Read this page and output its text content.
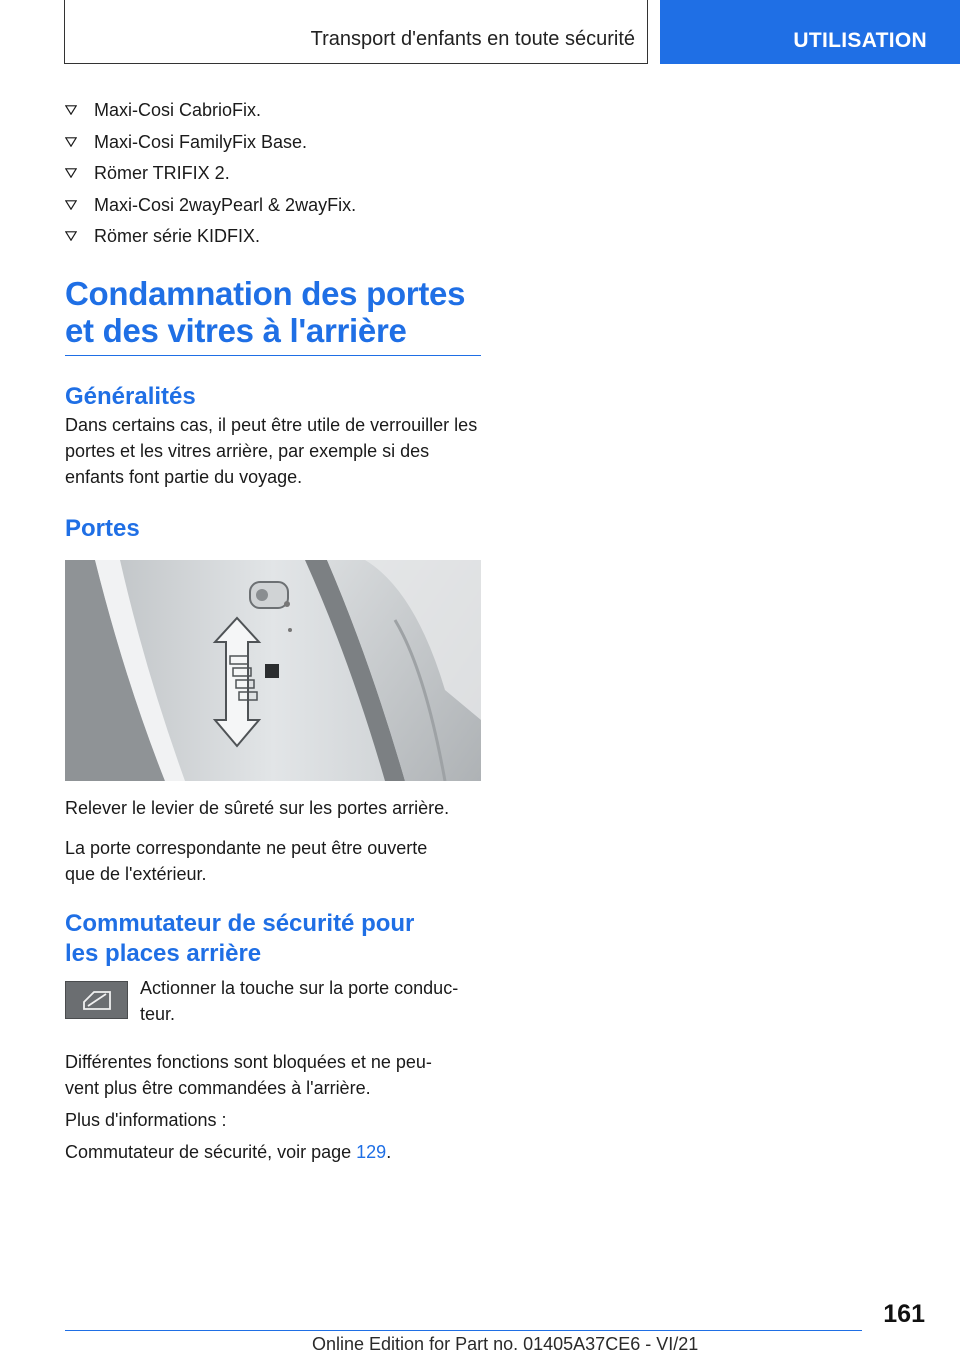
Transport d'enfants en toute sécurité	UTILISATION
Maxi-Cosi CabrioFix.
Maxi-Cosi FamilyFix Base.
Römer TRIFIX 2.
Maxi-Cosi 2wayPearl & 2wayFix.
Römer série KIDFIX.
Condamnation des portes
et des vitres à l'arrière
Généralités

Dans certains cas, il peut être utile de verrouiller les portes et les vitres arrière, par exemple si des enfants font partie du voyage.

Portes

Relever le levier de sûreté sur les portes arrière.

La porte correspondante ne peut être ouverte
que de l'extérieur.

Commutateur de sécurité pour
les places arrière

Actionner la touche sur la porte conduc-
teur.

Différentes fonctions sont bloquées et ne peu-
vent plus être commandées à l'arrière.

Plus d'informations :

Commutateur de sécurité, voir page 129.

161
Online Edition for Part no. 01405A37CE6 - VI/21
